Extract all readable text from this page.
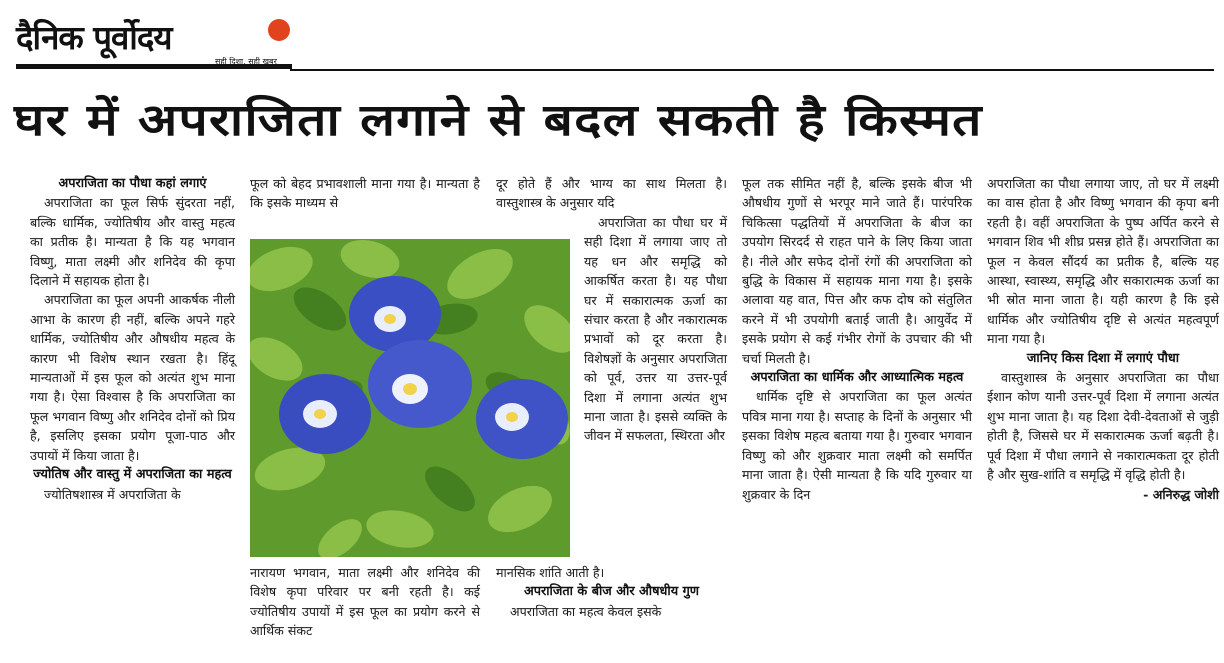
दैनिक पूर्वोदय
सही दिशा, सही खबर
घर में अपराजिता लगाने से बदल सकती है किस्मत
अपराजिता का पौधा कहां लगाएं

अपराजिता का फूल सिर्फ सुंदरता नहीं, बल्कि धार्मिक, ज्योतिषीय और वास्तु महत्व का प्रतीक है। मान्यता है कि यह भगवान विष्णु, माता लक्ष्मी और शनिदेव की कृपा दिलाने में सहायक होता है।

अपराजिता का फूल अपनी आकर्षक नीली आभा के कारण ही नहीं, बल्कि अपने गहरे धार्मिक, ज्योतिषीय और औषधीय महत्व के कारण भी विशेष स्थान रखता है। हिंदू मान्यताओं में इस फूल को अत्यंत शुभ माना गया है। ऐसा विश्वास है कि अपराजिता का फूल भगवान विष्णु और शनिदेव दोनों को प्रिय है, इसलिए इसका प्रयोग पूजा-पाठ और उपायों में किया जाता है।

ज्योतिष और वास्तु में अपराजिता का महत्व

ज्योतिषशास्त्र में अपराजिता के

फूल को बेहद प्रभावशाली माना गया है। मान्यता है कि इसके माध्यम से

नारायण भगवान, माता लक्ष्मी और शनिदेव की विशेष कृपा परिवार पर बनी रहती है। कई ज्योतिषीय उपायों में इस फूल का प्रयोग करने से आर्थिक संकट

दूर होते हैं और भाग्य का साथ मिलता है। वास्तुशास्त्र के अनुसार यदि

अपराजिता का पौधा घर में सही दिशा में लगाया जाए तो यह धन और समृद्धि को आकर्षित करता है। यह पौधा घर में सकारात्मक ऊर्जा का संचार करता है और नकारात्मक प्रभावों को दूर करता है। विशेषज्ञों के अनुसार अपराजिता को पूर्व, उत्तर या उत्तर-पूर्व दिशा में लगाना अत्यंत शुभ माना जाता है। इससे व्यक्ति के जीवन में सफलता, स्थिरता और

मानसिक शांति आती है।

अपराजिता के बीज और औषधीय गुण

अपराजिता का महत्व केवल इसके

फूल तक सीमित नहीं है, बल्कि इसके बीज भी औषधीय गुणों से भरपूर माने जाते हैं। पारंपरिक चिकित्सा पद्धतियों में अपराजिता के बीज का उपयोग सिरदर्द से राहत पाने के लिए किया जाता है। नीले और सफेद दोनों रंगों की अपराजिता को बुद्धि के विकास में सहायक माना गया है। इसके अलावा यह वात, पित्त और कफ दोष को संतुलित करने में भी उपयोगी बताई जाती है। आयुर्वेद में इसके प्रयोग से कई गंभीर रोगों के उपचार की भी चर्चा मिलती है।

अपराजिता का धार्मिक और आध्यात्मिक महत्व

धार्मिक दृष्टि से अपराजिता का फूल अत्यंत पवित्र माना गया है। सप्ताह के दिनों के अनुसार भी इसका विशेष महत्व बताया गया है। गुरुवार भगवान विष्णु को और शुक्रवार माता लक्ष्मी को समर्पित माना जाता है। ऐसी मान्यता है कि यदि गुरुवार या शुक्रवार के दिन

अपराजिता का पौधा लगाया जाए, तो घर में लक्ष्मी का वास होता है और विष्णु भगवान की कृपा बनी रहती है। वहीं अपराजिता के पुष्प अर्पित करने से भगवान शिव भी शीघ्र प्रसन्न होते हैं। अपराजिता का फूल न केवल सौंदर्य का प्रतीक है, बल्कि यह आस्था, स्वास्थ्य, समृद्धि और सकारात्मक ऊर्जा का भी स्रोत माना जाता है। यही कारण है कि इसे धार्मिक और ज्योतिषीय दृष्टि से अत्यंत महत्वपूर्ण माना गया है।

जानिए किस दिशा में लगाएं पौधा

वास्तुशास्त्र के अनुसार अपराजिता का पौधा ईशान कोण यानी उत्तर-पूर्व दिशा में लगाना अत्यंत शुभ माना जाता है। यह दिशा देवी-देवताओं से जुड़ी होती है, जिससे घर में सकारात्मक ऊर्जा बढ़ती है। पूर्व दिशा में पौधा लगाने से नकारात्मकता दूर होती है और सुख-शांति व समृद्धि में वृद्धि होती है।

- अनिरुद्ध जोशी
